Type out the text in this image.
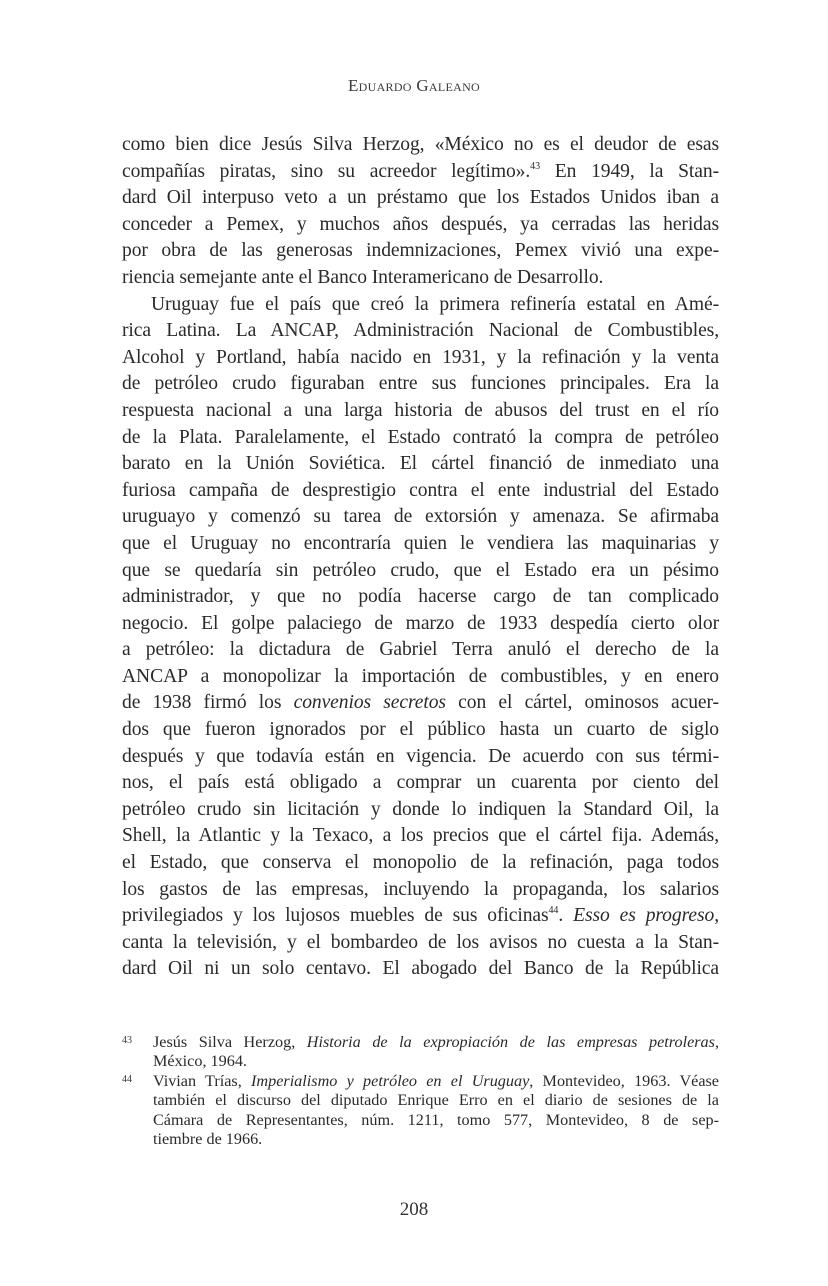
Eduardo Galeano
como bien dice Jesús Silva Herzog, «México no es el deudor de esas
compañías piratas, sino su acreedor legítimo».$^{43}$ En 1949, la Stan-
dard Oil interpuso veto a un préstamo que los Estados Unidos iban a
conceder a Pemex, y muchos años después, ya cerradas las heridas
por obra de las generosas indemnizaciones, Pemex vivió una expe-
riencia semejante ante el Banco Interamericano de Desarrollo.
Uruguay fue el país que creó la primera refinería estatal en Amé-
rica Latina. La ANCAP, Administración Nacional de Combustibles,
Alcohol y Portland, había nacido en 1931, y la refinación y la venta
de petróleo crudo figuraban entre sus funciones principales. Era la
respuesta nacional a una larga historia de abusos del trust en el río
de la Plata. Paralelamente, el Estado contrató la compra de petróleo
barato en la Unión Soviética. El cártel financió de inmediato una
furiosa campaña de desprestigio contra el ente industrial del Estado
uruguayo y comenzó su tarea de extorsión y amenaza. Se afirmaba
que el Uruguay no encontraría quien le vendiera las maquinarias y
que se quedaría sin petróleo crudo, que el Estado era un pésimo
administrador, y que no podía hacerse cargo de tan complicado
negocio. El golpe palaciego de marzo de 1933 despedía cierto olor
a petróleo: la dictadura de Gabriel Terra anuló el derecho de la
ANCAP a monopolizar la importación de combustibles, y en enero
de 1938 firmó los convenios secretos con el cártel, ominosos acuer-
dos que fueron ignorados por el público hasta un cuarto de siglo
después y que todavía están en vigencia. De acuerdo con sus térmi-
nos, el país está obligado a comprar un cuarenta por ciento del
petróleo crudo sin licitación y donde lo indiquen la Standard Oil, la
Shell, la Atlantic y la Texaco, a los precios que el cártel fija. Además,
el Estado, que conserva el monopolio de la refinación, paga todos
los gastos de las empresas, incluyendo la propaganda, los salarios
privilegiados y los lujosos muebles de sus oficinas$^{44}$. Esso es progreso,
canta la televisión, y el bombardeo de los avisos no cuesta a la Stan-
dard Oil ni un solo centavo. El abogado del Banco de la República
43 Jesús Silva Herzog, Historia de la expropiación de las empresas petroleras,
México, 1964.
44 Vivian Trías, Imperialismo y petróleo en el Uruguay, Montevideo, 1963. Véase
también el discurso del diputado Enrique Erro en el diario de sesiones de la
Cámara de Representantes, núm. 1211, tomo 577, Montevideo, 8 de sep-
tiembre de 1966.
208
